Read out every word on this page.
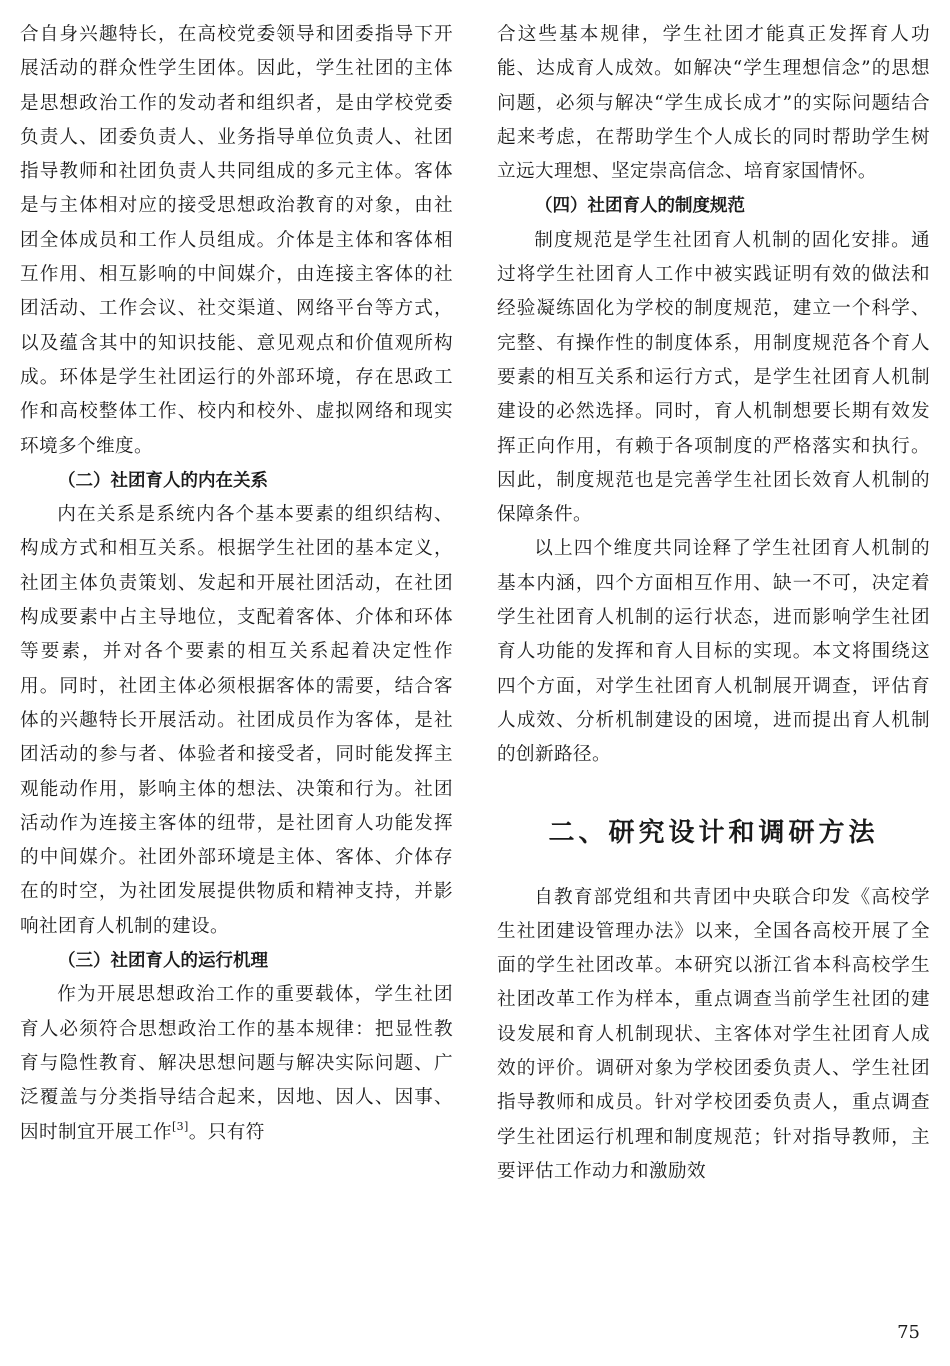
合自身兴趣特长，在高校党委领导和团委指导下开展活动的群众性学生团体。因此，学生社团的主体是思想政治工作的发动者和组织者，是由学校党委负责人、团委负责人、业务指导单位负责人、社团指导教师和社团负责人共同组成的多元主体。客体是与主体相对应的接受思想政治教育的对象，由社团全体成员和工作人员组成。介体是主体和客体相互作用、相互影响的中间媒介，由连接主客体的社团活动、工作会议、社交渠道、网络平台等方式，以及蕴含其中的知识技能、意见观点和价值观所构成。环体是学生社团运行的外部环境，存在思政工作和高校整体工作、校内和校外、虚拟网络和现实环境多个维度。

（二）社团育人的内在关系

内在关系是系统内各个基本要素的组织结构、构成方式和相互关系。根据学生社团的基本定义，社团主体负责策划、发起和开展社团活动，在社团构成要素中占主导地位，支配着客体、介体和环体等要素，并对各个要素的相互关系起着决定性作用。同时，社团主体必须根据客体的需要，结合客体的兴趣特长开展活动。社团成员作为客体，是社团活动的参与者、体验者和接受者，同时能发挥主观能动作用，影响主体的想法、决策和行为。社团活动作为连接主客体的纽带，是社团育人功能发挥的中间媒介。社团外部环境是主体、客体、介体存在的时空，为社团发展提供物质和精神支持，并影响社团育人机制的建设。

（三）社团育人的运行机理

作为开展思想政治工作的重要载体，学生社团育人必须符合思想政治工作的基本规律：把显性教育与隐性教育、解决思想问题与解决实际问题、广泛覆盖与分类指导结合起来，因地、因人、因事、因时制宜开展工作[3]。只有符

合这些基本规律，学生社团才能真正发挥育人功能、达成育人成效。如解决“学生理想信念”的思想问题，必须与解决“学生成长成才”的实际问题结合起来考虑，在帮助学生个人成长的同时帮助学生树立远大理想、坚定崇高信念、培育家国情怀。

（四）社团育人的制度规范

制度规范是学生社团育人机制的固化安排。通过将学生社团育人工作中被实践证明有效的做法和经验凝练固化为学校的制度规范，建立一个科学、完整、有操作性的制度体系，用制度规范各个育人要素的相互关系和运行方式，是学生社团育人机制建设的必然选择。同时，育人机制想要长期有效发挥正向作用，有赖于各项制度的严格落实和执行。因此，制度规范也是完善学生社团长效育人机制的保障条件。

以上四个维度共同诠释了学生社团育人机制的基本内涵，四个方面相互作用、缺一不可，决定着学生社团育人机制的运行状态，进而影响学生社团育人功能的发挥和育人目标的实现。本文将围绕这四个方面，对学生社团育人机制展开调查，评估育人成效、分析机制建设的困境，进而提出育人机制的创新路径。

二、研究设计和调研方法

自教育部党组和共青团中央联合印发《高校学生社团建设管理办法》以来，全国各高校开展了全面的学生社团改革。本研究以浙江省本科高校学生社团改革工作为样本，重点调查当前学生社团的建设发展和育人机制现状、主客体对学生社团育人成效的评价。调研对象为学校团委负责人、学生社团指导教师和成员。针对学校团委负责人，重点调查学生社团运行机理和制度规范；针对指导教师，主要评估工作动力和激励效

75
